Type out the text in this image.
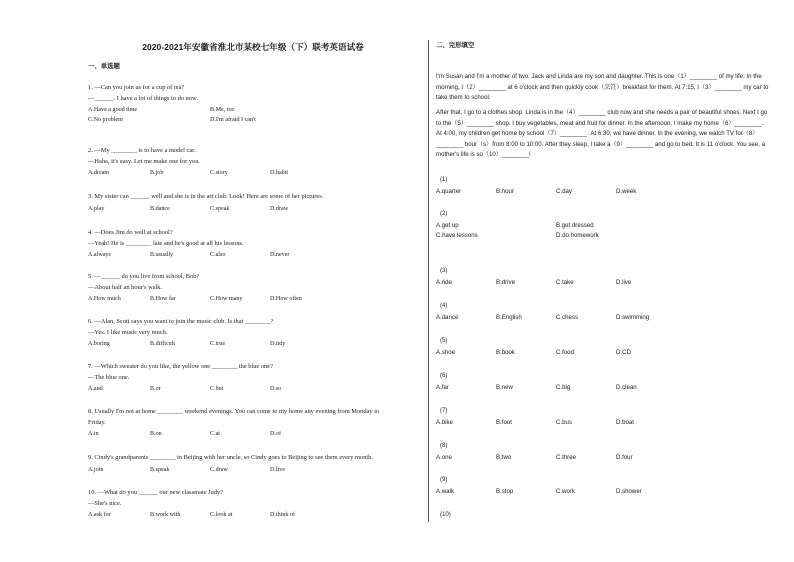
2020-2021年安徽省淮北市某校七年级（下）联考英语试卷
一、单选题
二、完形填空
1. —Can you join us for a cup of tea?
—______. I have a lot of things to do now.
A.Have a good time	B.Me, too
C.No problem	D.I'm afraid I can't
2. —My ________ is to have a model car.
—Haha, it's easy. Let me make one for you.
A.dream	B.job	C.story	D.habit
3. My sister can ______ well and she is in the art club. Look! Here are some of her pictures.
A.play	B.dance	C.speak	D.draw
4. —Does Jim do well at school?
—Yeah! He is ________ late and he's good at all his lessons.
A.always	B.usually	C.also	D.never
5. —______ do you live from school, Bob?
—About half an hour's walk.
A.How much	B.How far	C.How many	D.How often
6. —Alan, Scott says you want to join the music club. Is that ________?
—Yes. I like music very much.
A.boring	B.difficult	C.true	D.tidy
7. —Which sweater do you like, the yellow one ________ the blue one?
—The blue one.
A.and	B.or	C.but	D.so
8. Usually I'm not at home ________ weekend evenings. You can come to my home any evening from Monday to
Friday.
A.in	B.on	C.at	D.of
9. Cindy's grandparents ________ in Beijing with her uncle, so Cindy goes to Beijing to see them every month.
A.join	B.speak	C.draw	D.live
10. —What do you ______ our new classmate Judy?
—She's nice.
A.ask for	B.work with	C.look at	D.think of
I'm Susan and I'm a mother of two. Jack and Linda are my son and daughter. This is one（1）________ of my life: In the morning, I（2）________ at 6 o'clock and then quickly cook（烹饪）breakfast for them. At 7:15, I（3）________ my car to take them to school.
After that, I go to a clothes shop. Linda is in the（4）________ club now and she needs a pair of beautiful shoes. Next I go to the（5）________ shop. I buy vegetables, meat and fruit for dinner. In the afternoon, I make my home（6）________. At 4:00, my children get home by school（7）________. At 6:30, we have dinner. In the evening, we watch TV for（8）________ hour（s）from 8:00 to 10:00. After they sleep, I take a（9）________ and go to bed. It is 11 o'clock. You see, a mother's life is so（10）________!
(1)
A.quarter	B.hour	C.day	D.week
(2)
A.get up	B.get dressed
C.have lessons	D.do homework
(3)
A.ride	B.drive	C.take	D.live
(4)
A.dance	B.English	C.chess	D.swimming
(5)
A.shoe	B.book	C.food	D.CD
(6)
A.far	B.new	C.big	D.clean
(7)
A.bike	B.foot	C.bus	D.boat
(8)
A.one	B.two	C.three	D.four
(9)
A.walk	B.stop	C.work	D.shower
(10)
